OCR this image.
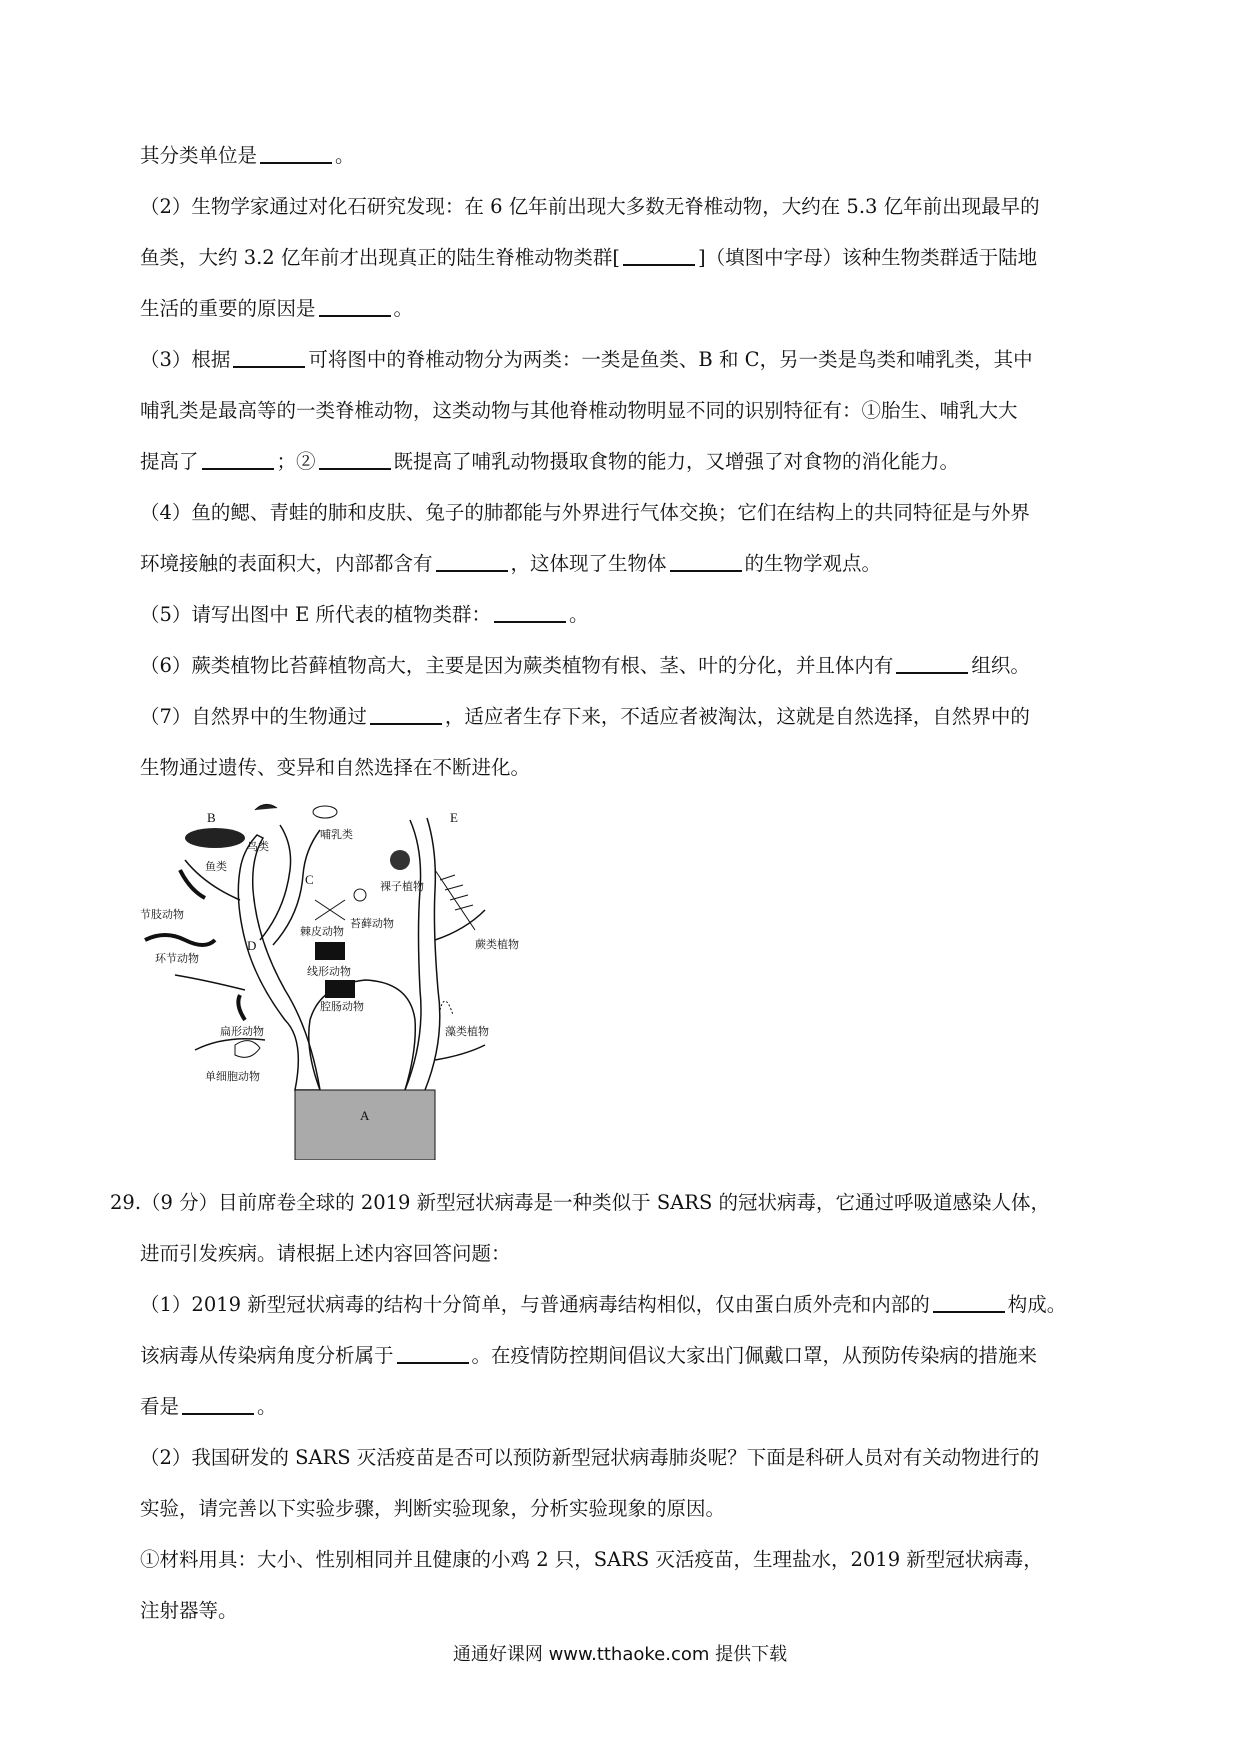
其分类单位是	。
（2）生物学家通过对化石研究发现：在 6 亿年前出现大多数无脊椎动物，大约在 5.3 亿年前出现最早的
鱼类，大约 3.2 亿年前才出现真正的陆生脊椎动物类群[	]（填图中字母）该种生物类群适于陆地
生活的重要的原因是	。
（3）根据	可将图中的脊椎动物分为两类：一类是鱼类、B 和 C，另一类是鸟类和哺乳类，其中
哺乳类是最高等的一类脊椎动物，这类动物与其他脊椎动物明显不同的识别特征有：①胎生、哺乳大大
提高了	；②	既提高了哺乳动物摄取食物的能力，又增强了对食物的消化能力。
（4）鱼的鳃、青蛙的肺和皮肤、兔子的肺都能与外界进行气体交换；它们在结构上的共同特征是与外界
环境接触的表面积大，内部都含有	，这体现了生物体	的生物学观点。
（5）请写出图中 E 所代表的植物类群：	。
（6）蕨类植物比苔藓植物高大，主要是因为蕨类植物有根、茎、叶的分化，并且体内有	组织。
（7）自然界中的生物通过	，适应者生存下来，不适应者被淘汰，这就是自然选择，自然界中的
生物通过遗传、变异和自然选择在不断进化。
鸟类
哺乳类
裸子植物
鱼类
蕨类植物
节肢动物
棘皮动物
苔藓动物
环节动物
线形动物
扁形动物
腔肠动物
藻类植物
单细胞动物
B	E
C
D
A
29.（9 分）目前席卷全球的 2019 新型冠状病毒是一种类似于 SARS 的冠状病毒，它通过呼吸道感染人体，
进而引发疾病。请根据上述内容回答问题：
（1）2019 新型冠状病毒的结构十分简单，与普通病毒结构相似，仅由蛋白质外壳和内部的	构成。
该病毒从传染病角度分析属于	。在疫情防控期间倡议大家出门佩戴口罩，从预防传染病的措施来
看是	。
（2）我国研发的 SARS 灭活疫苗是否可以预防新型冠状病毒肺炎呢？下面是科研人员对有关动物进行的
实验，请完善以下实验步骤，判断实验现象，分析实验现象的原因。
①材料用具：大小、性别相同并且健康的小鸡 2 只，SARS 灭活疫苗，生理盐水，2019 新型冠状病毒，
注射器等。
通通好课网 www.tthaoke.com 提供下载
